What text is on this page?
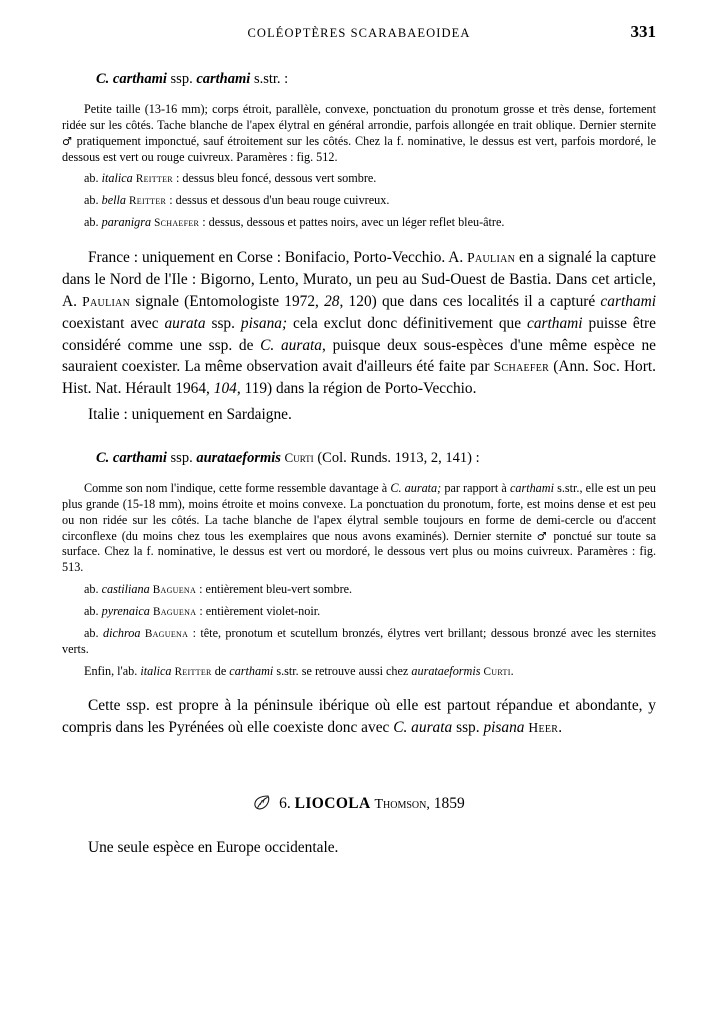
COLÉOPTÈRES SCARABAEOIDEA	331
C. carthami ssp. carthami s.str. :

Petite taille (13-16 mm); corps étroit, parallèle, convexe, ponctuation du pronotum grosse et très dense, fortement ridée sur les côtés. Tache blanche de l'apex élytral en général arrondie, parfois allongée en trait oblique. Dernier sternite ♂ pratiquement imponctué, sauf étroitement sur les côtés. Chez la f. nominative, le dessus est vert, parfois mordoré, le dessous est vert ou rouge cuivreux. Paramères : fig. 512.

ab. italica Reitter : dessus bleu foncé, dessous vert sombre.

ab. bella Reitter : dessus et dessous d'un beau rouge cuivreux.

ab. paranigra Schaefer : dessus, dessous et pattes noirs, avec un léger reflet bleu-âtre.

France : uniquement en Corse : Bonifacio, Porto-Vecchio. A. Paulian en a signalé la capture dans le Nord de l'Ile : Bigorno, Lento, Murato, un peu au Sud-Ouest de Bastia. Dans cet article, A. Paulian signale (Entomologiste 1972, 28, 120) que dans ces localités il a capturé carthami coexistant avec aurata ssp. pisana; cela exclut donc définitivement que carthami puisse être considéré comme une ssp. de C. aurata, puisque deux sous-espèces d'une même espèce ne sauraient coexister. La même observation avait d'ailleurs été faite par Schaefer (Ann. Soc. Hort. Hist. Nat. Hérault 1964, 104, 119) dans la région de Porto-Vecchio.

Italie : uniquement en Sardaigne.

C. carthami ssp. aurataeformis Curti (Col. Runds. 1913, 2, 141) :

Comme son nom l'indique, cette forme ressemble davantage à C. aurata; par rapport à carthami s.str., elle est un peu plus grande (15-18 mm), moins étroite et moins convexe. La ponctuation du pronotum, forte, est moins dense et est peu ou non ridée sur les côtés. La tache blanche de l'apex élytral semble toujours en forme de demi-cercle ou d'accent circonflexe (du moins chez tous les exemplaires que nous avons examinés). Dernier sternite ♂ ponctué sur toute sa surface. Chez la f. nominative, le dessus est vert ou mordoré, le dessous vert plus ou moins cuivreux. Paramères : fig. 513.

ab. castiliana Baguena : entièrement bleu-vert sombre.

ab. pyrenaica Baguena : entièrement violet-noir.

ab. dichroa Baguena : tête, pronotum et scutellum bronzés, élytres vert brillant; dessous bronzé avec les sternites verts.

Enfin, l'ab. italica Reitter de carthami s.str. se retrouve aussi chez aurataeformis Curti.

Cette ssp. est propre à la péninsule ibérique où elle est partout répandue et abondante, y compris dans les Pyrénées où elle coexiste donc avec C. aurata ssp. pisana Heer.

6. LIOCOLA Thomson, 1859

Une seule espèce en Europe occidentale.
